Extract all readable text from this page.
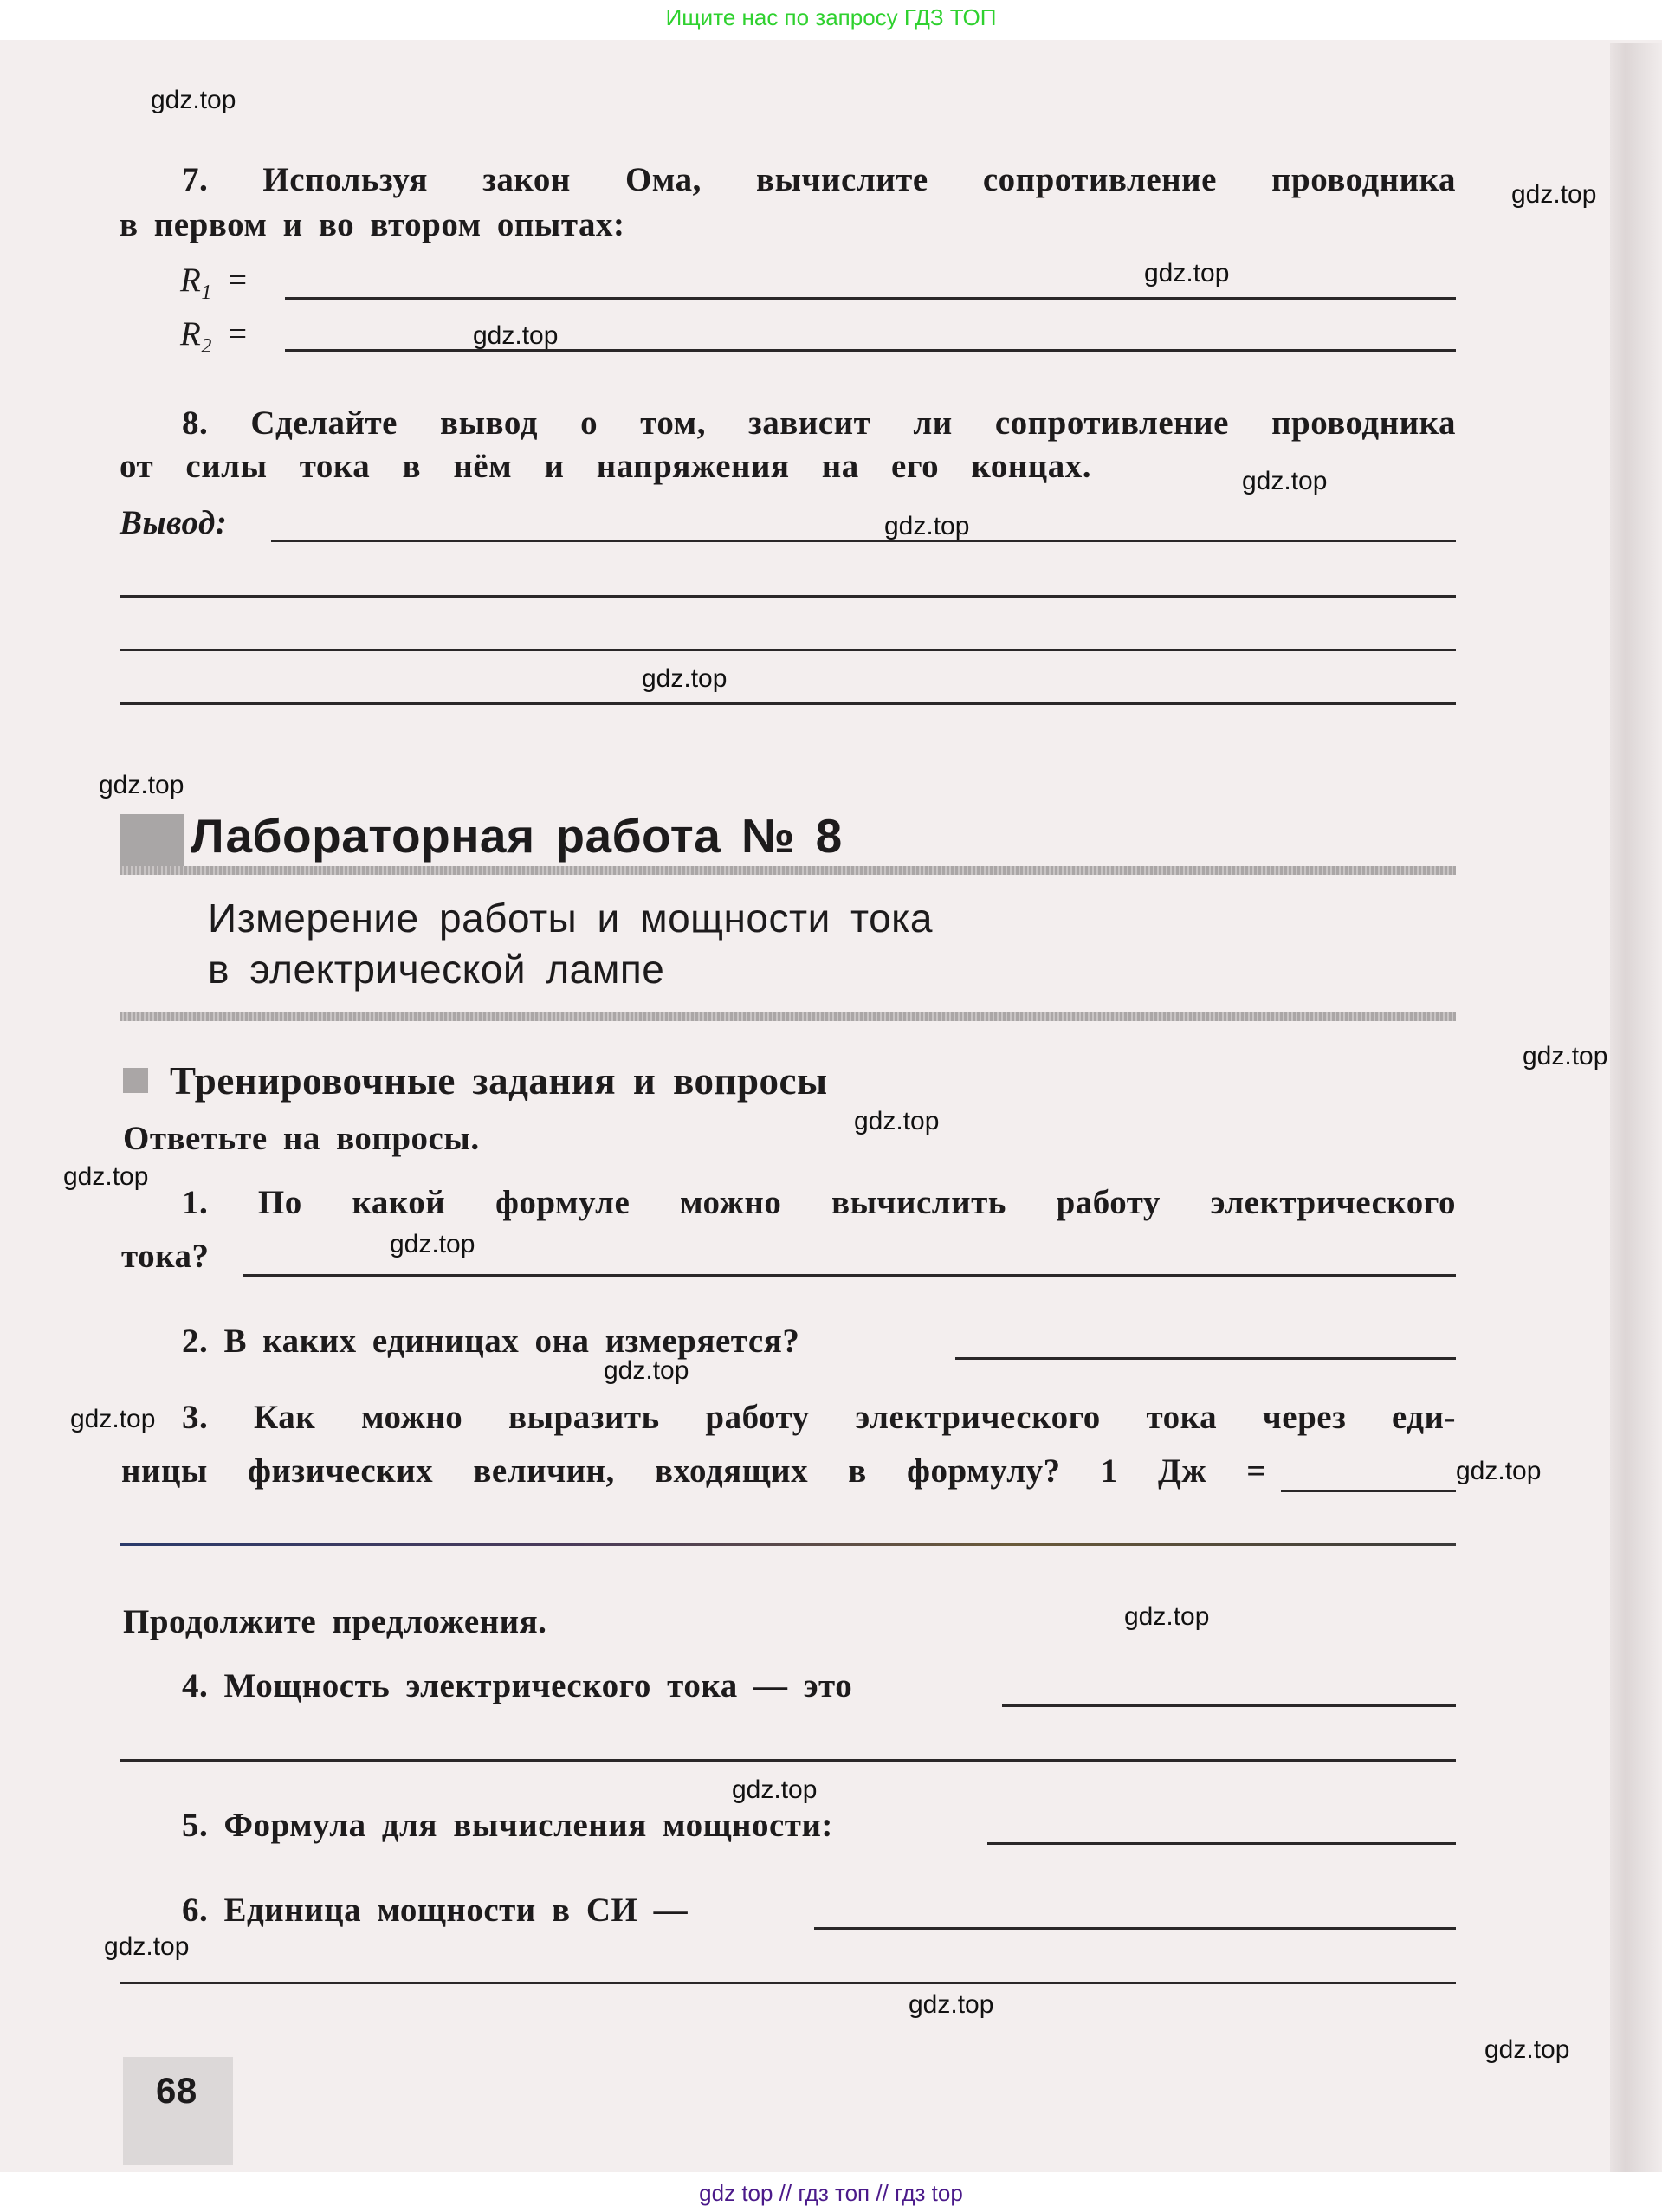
Ищите нас по запросу ГДЗ ТОП
7. Используя закон Ома, вычислите сопротивление проводника
в первом и во втором опытах:
$R_1$ =
$R_2$ =
8. Сделайте вывод о том, зависит ли сопротивление проводника
от силы тока в нём и напряжения на его концах.
Вывод:
Лабораторная работа № 8
Измерение работы и мощности тока
в электрической лампе
Тренировочные задания и вопросы
Ответьте на вопросы.
1. По какой формуле можно вычислить работу электрического
тока?
2. В каких единицах она измеряется?
3. Как можно выразить работу электрического тока через еди-
ницы физических величин, входящих в формулу? 1 Дж =
Продолжите предложения.
4. Мощность электрического тока — это
5. Формула для вычисления мощности:
6. Единица мощности в СИ —
68
gdz.top
gdz.top
gdz.top
gdz.top
gdz.top
gdz.top
gdz.top
gdz.top
gdz.top
gdz.top
gdz.top
gdz.top
gdz.top
gdz.top
gdz.top
gdz.top
gdz.top
gdz.top
gdz.top
gdz.top
gdz top // гдз топ // гдз top
